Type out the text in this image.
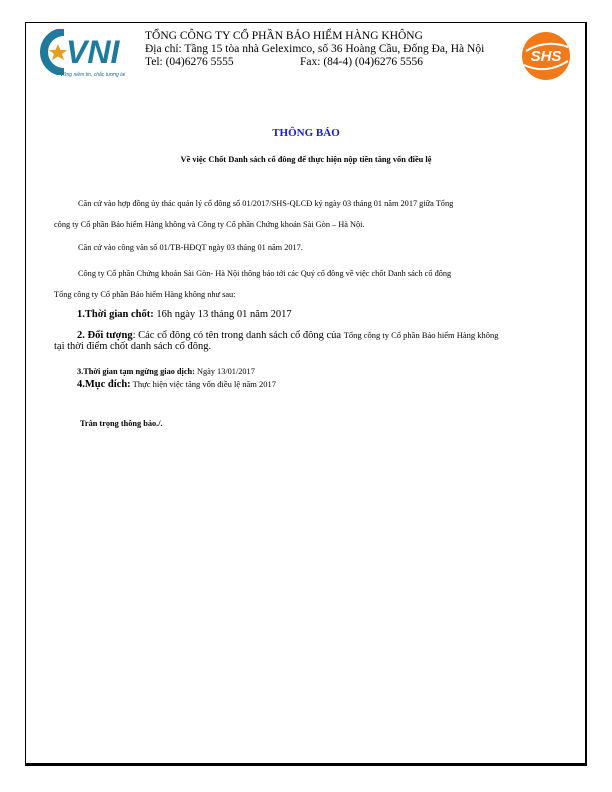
VNI
Vững niềm tin, chắc tương lai
TỔNG CÔNG TY CỔ PHẦN BẢO HIỂM HÀNG KHÔNG
Địa chỉ: Tầng 15 tòa nhà Geleximco, số 36 Hoàng Cầu, Đống Đa, Hà Nội
Tel: (04)6276 5555	Fax: (84-4) (04)6276 5556	SHS
THÔNG BÁO
Về việc Chốt Danh sách cổ đông để thực hiện nộp tiền tăng vốn điều lệ
Căn cứ vào hợp đồng ủy thác quản lý cổ đông số 01/2017/SHS-QLCĐ ký ngày 03 tháng 01 năm 2017 giữa Tổng
công ty Cổ phần Bảo hiểm Hàng không và Công ty Cổ phần Chứng khoán Sài Gòn – Hà Nội.
Căn cứ vào công văn số 01/TB-HĐQT ngày 03 tháng 01 năm 2017.
Công ty Cổ phần Chứng khoán Sài Gòn- Hà Nội thông báo tới các Quý cổ đông về việc chốt Danh sách cổ đông
Tổng công ty Cổ phần Bảo hiểm Hàng không như sau:
1.Thời gian chốt: 16h ngày 13 tháng 01 năm 2017
2. Đối tượng: Các cổ đông có tên trong danh sách cổ đông của Tổng công ty Cổ phần Bảo hiểm Hàng không
tại thời điểm chốt danh sách cổ đông.
3.Thời gian tạm ngừng giao dịch: Ngày 13/01/2017
4.Mục đích: Thực hiện việc tăng vốn điều lệ năm 2017
Trân trọng thông báo./.
